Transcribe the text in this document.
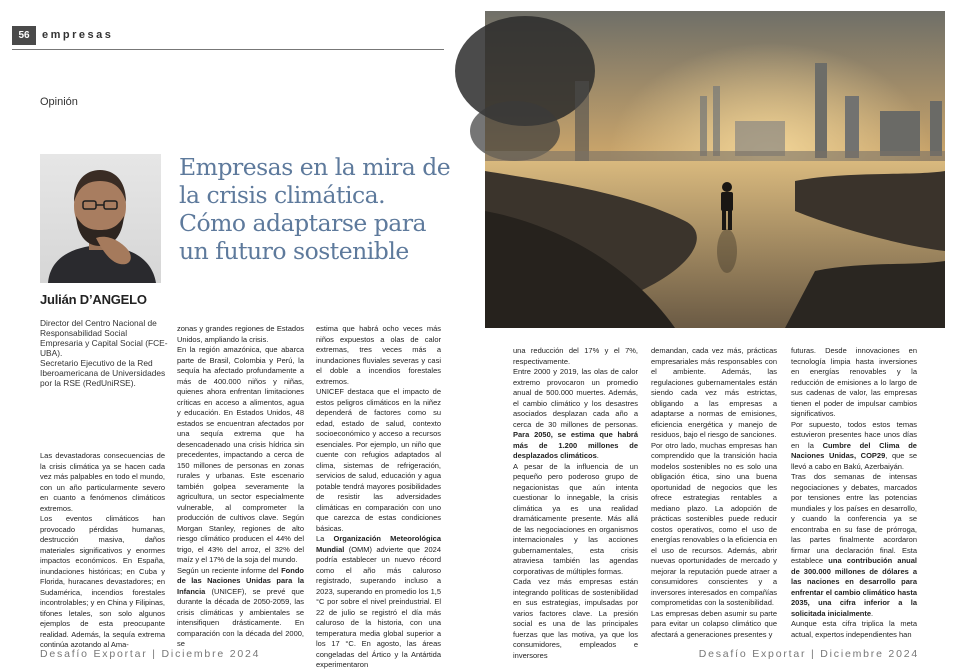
56	empresas
Opinión
Empresas en la mira de la crisis climática. Cómo adaptarse para un futuro sostenible
Julián D’ANGELO

Director del Centro Nacional de Responsabilidad Social Empresaria y Capital Social (FCE-UBA).

Secretario Ejecutivo de la Red Iberoamericana de Universidades por la RSE (RedUniRSE).

Las devastadoras consecuencias de la crisis climática ya se hacen cada vez más palpables en todo el mundo, con un año particularmente severo en cuanto a fenómenos climáticos extremos.
Los eventos climáticos han provocado pérdidas humanas, destrucción masiva, daños materiales significativos y enormes impactos económicos. En España, inundaciones históricas; en Cuba y Florida, huracanes devastadores; en Sudamérica, incendios forestales incontrolables; y en China y Filipinas, tifones letales, son solo algunos ejemplos de esta preocupante realidad. Además, la sequía extrema continúa azotando al Ama-
zonas y grandes regiones de Estados Unidos, ampliando la crisis.
En la región amazónica, que abarca parte de Brasil, Colombia y Perú, la sequía ha afectado profundamente a más de 400.000 niños y niñas, quienes ahora enfrentan limitaciones críticas en acceso a alimentos, agua y educación. En Estados Unidos, 48 estados se encuentran afectados por una sequía extrema que ha desencadenado una crisis hídrica sin precedentes, impactando a cerca de 150 millones de personas en zonas rurales y urbanas. Este escenario también golpea severamente la agricultura, un sector especialmente vulnerable, al comprometer la producción de cultivos clave. Según Morgan Stanley, regiones de alto riesgo climático producen el 44% del trigo, el 43% del arroz, el 32% del maíz y el 17% de la soja del mundo.
Según un reciente informe del Fondo de las Naciones Unidas para la Infancia (UNICEF), se prevé que durante la década de 2050-2059, las crisis climáticas y ambientales se intensifiquen drásticamente. En comparación con la década del 2000, se
estima que habrá ocho veces más niños expuestos a olas de calor extremas, tres veces más a inundaciones fluviales severas y casi el doble a incendios forestales extremos.
UNICEF destaca que el impacto de estos peligros climáticos en la niñez dependerá de factores como su edad, estado de salud, contexto socioeconómico y acceso a recursos esenciales. Por ejemplo, un niño que cuente con refugios adaptados al clima, sistemas de refrigeración, servicios de salud, educación y agua potable tendrá mayores posibilidades de resistir las adversidades climáticas en comparación con uno que carezca de estas condiciones básicas.
La Organización Meteorológica Mundial (OMM) advierte que 2024 podría establecer un nuevo récord como el año más caluroso registrado, superando incluso a 2023, superando en promedio los 1,5 °C por sobre el nivel preindustrial. El 22 de julio se registró el día más caluroso de la historia, con una temperatura media global superior a los 17 °C. En agosto, las áreas congeladas del Ártico y la Antártida experimentaron
una reducción del 17% y el 7%, respectivamente.
Entre 2000 y 2019, las olas de calor extremo provocaron un promedio anual de 500.000 muertes. Además, el cambio climático y los desastres asociados desplazan cada año a cerca de 30 millones de personas. Para 2050, se estima que habrá más de 1.200 millones de desplazados climáticos.
A pesar de la influencia de un pequeño pero poderoso grupo de negacionistas que aún intenta cuestionar lo innegable, la crisis climática ya es una realidad dramáticamente presente. Más allá de las negociaciones en organismos internacionales y las acciones gubernamentales, esta crisis atraviesa también las agendas corporativas de múltiples formas.
Cada vez más empresas están integrando políticas de sostenibilidad en sus estrategias, impulsadas por varios factores clave. La presión social es una de las principales fuerzas que las motiva, ya que los consumidores, empleados e inversores
demandan, cada vez más, prácticas empresariales más responsables con el ambiente. Además, las regulaciones gubernamentales están siendo cada vez más estrictas, obligando a las empresas a adaptarse a normas de emisiones, eficiencia energética y manejo de residuos, bajo el riesgo de sanciones.
Por otro lado, muchas empresas han comprendido que la transición hacia modelos sostenibles no es solo una obligación ética, sino una buena oportunidad de negocios que les ofrece estrategias rentables a mediano plazo. La adopción de prácticas sostenibles puede reducir costos operativos, como el uso de energías renovables o la eficiencia en el uso de recursos. Además, abrir nuevas oportunidades de mercado y mejorar la reputación puede atraer a consumidores conscientes y a inversores interesados en compañías comprometidas con la sostenibilidad.
Las empresas deben asumir su parte para evitar un colapso climático que afectará a generaciones presentes y
futuras. Desde innovaciones en tecnología limpia hasta inversiones en energías renovables y la reducción de emisiones a lo largo de sus cadenas de valor, las empresas tienen el poder de impulsar cambios significativos.
Por supuesto, todos estos temas estuvieron presentes hace unos días en la Cumbre del Clima de Naciones Unidas, COP29, que se llevó a cabo en Bakú, Azerbaiyán.
Tras dos semanas de intensas negociaciones y debates, marcados por tensiones entre las potencias mundiales y los países en desarrollo, y cuando la conferencia ya se encontraba en su fase de prórroga, las partes finalmente acordaron firmar una declaración final. Esta establece una contribución anual de 300.000 millones de dólares a las naciones en desarrollo para enfrentar el cambio climático hasta 2035, una cifra inferior a la solicitada inicialmente.
Aunque esta cifra triplica la meta actual, expertos independientes han
Desafío Exportar | Diciembre 2024	Desafío Exportar | Diciembre 2024
